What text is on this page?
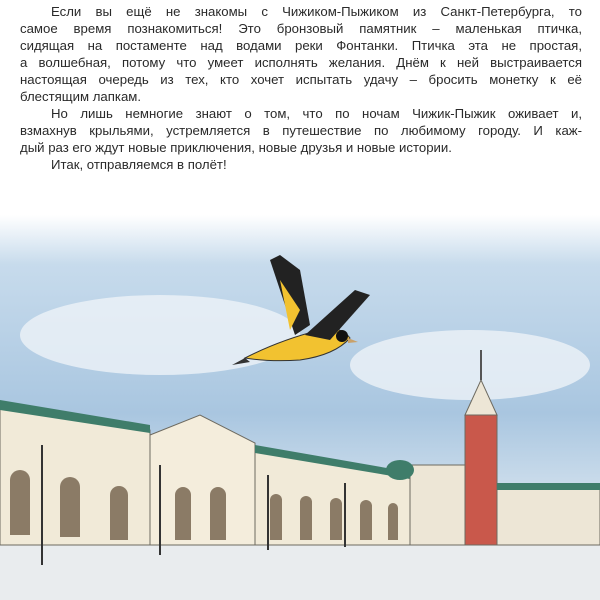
Если вы ещё не знакомы с Чижиком-Пыжиком из Санкт-Петербурга, то
самое время познакомиться! Это бронзовый памятник – маленькая птичка,
сидящая на постаменте над водами реки Фонтанки. Птичка эта не простая,
а волшебная, потому что умеет исполнять желания. Днём к ней выстраивается
настоящая очередь из тех, кто хочет испытать удачу – бросить монетку к её
блестящим лапкам.
Но лишь немногие знают о том, что по ночам Чижик-Пыжик оживает и,
взмахнув крыльями, устремляется в путешествие по любимому городу. И каж-
дый раз его ждут новые приключения, новые друзья и новые истории.
Итак, отправляемся в полёт!
